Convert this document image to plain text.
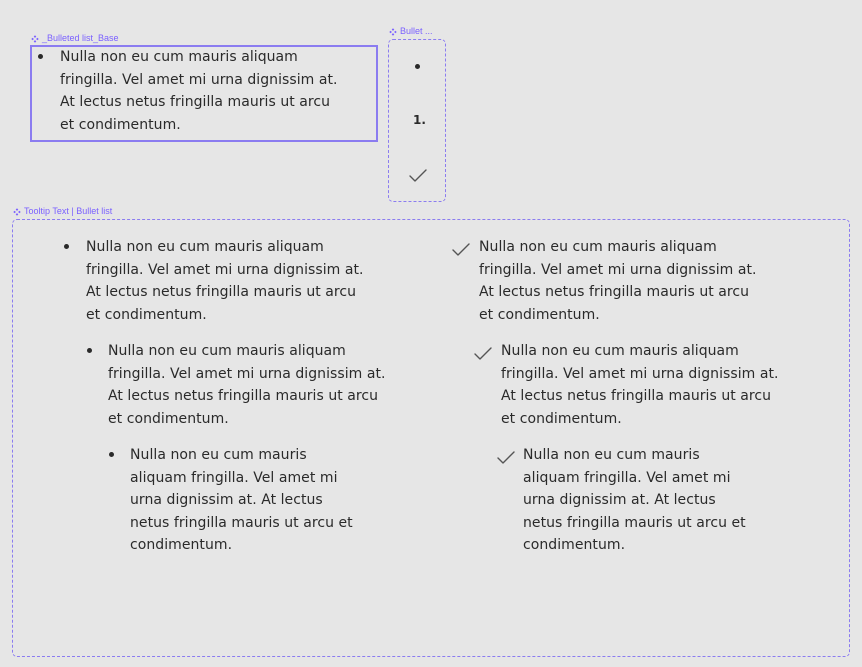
_Bulleted list_Base
Bullet ...
Tooltip Text | Bullet list
Nulla non eu cum mauris aliquam
fringilla. Vel amet mi urna dignissim at.
At lectus netus fringilla mauris ut arcu
et condimentum.	1.
Nulla non eu cum mauris aliquam
fringilla. Vel amet mi urna dignissim at.
At lectus netus fringilla mauris ut arcu
et condimentum.
Nulla non eu cum mauris aliquam
fringilla. Vel amet mi urna dignissim at.
At lectus netus fringilla mauris ut arcu
et condimentum.
Nulla non eu cum mauris
aliquam fringilla. Vel amet mi
urna dignissim at. At lectus
netus fringilla mauris ut arcu et
condimentum.
Nulla non eu cum mauris aliquam
fringilla. Vel amet mi urna dignissim at.
At lectus netus fringilla mauris ut arcu
et condimentum.
Nulla non eu cum mauris aliquam
fringilla. Vel amet mi urna dignissim at.
At lectus netus fringilla mauris ut arcu
et condimentum.
Nulla non eu cum mauris
aliquam fringilla. Vel amet mi
urna dignissim at. At lectus
netus fringilla mauris ut arcu et
condimentum.
